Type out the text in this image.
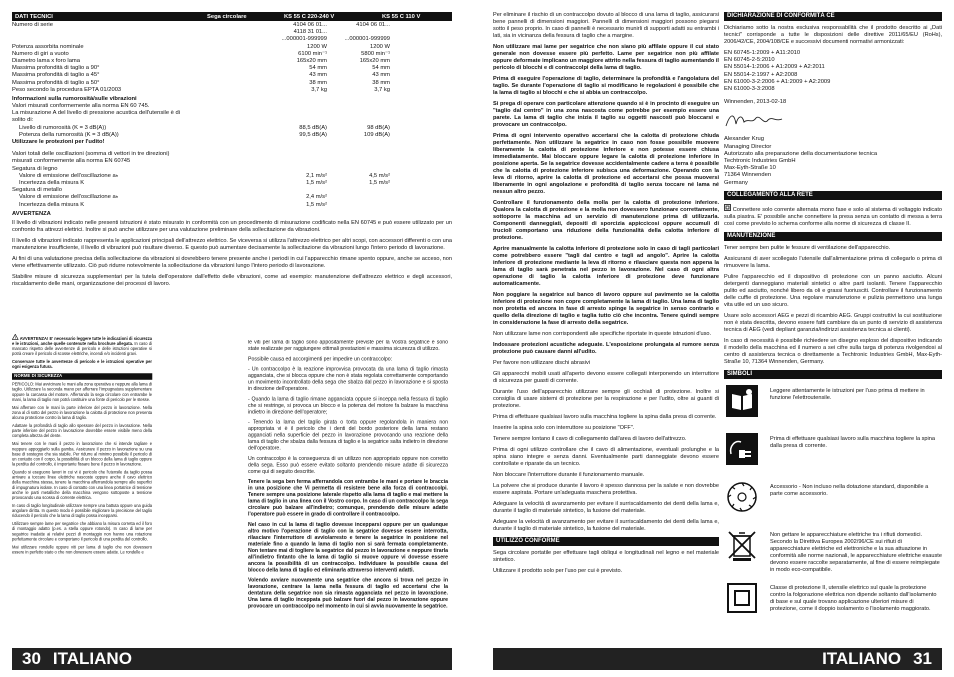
DATI TECNICI	Sega circolare	KS 55 C 220-240 V	KS 55 C 110 V
Numero di serie	4104 06 01...	4104 06 01...
4118 31 01...
...000001-999999	...000001-999999
Potenza assorbita nominale	1200 W	1200 W
Numero di giri a vuoto	6100 min⁻¹	5800 min⁻¹
Diametro lama x foro lama	165x20 mm	165x20 mm
Massima profondità di taglio a 90°	54 mm	54 mm
Massima profondità di taglio a 45°	43 mm	43 mm
Massima profondità di taglio a 50°	38 mm	38 mm
Peso secondo la procedura EPTA 01/2003	3,7 kg	3,7 kg
Informazioni sulla rumorosità/sulle vibrazioni
Valori misurati conformemente alla norma EN 60 745.
La misurazione A del livello di pressione acustica dell'utensile è di
solito di:
Livello di rumorosità (K = 3 dB(A))	88,5 dB(A)	98 dB(A)
Potenza della rumorosità (K = 3 dB(A))	99,5 dB(A)	109 dB(A)
Utilizzare le protezioni per l'udito!
Valori totali delle oscillazioni (somma di vettori in tre direzioni)
misurati conformemente alla norma EN 60745
Segatura di legno
Valore di emissione dell'oscillazione aₕ	2,1 m/s²	4,5 m/s²
Incertezza della misura K	1,5 m/s²	1,5 m/s²
Segatura di metallo
Valore di emissione dell'oscillazione aₕ	2,4 m/s²
Incertezza della misura K	1,5 m/s²
AVVERTENZA
Il livello di vibrazioni indicato nelle presenti istruzioni è stato misurato in conformità con un procedimento di misurazione codificato nella EN 60745 e può essere utilizzato per un confronto fra attrezzi elettrici. Inoltre si può anche utilizzare per una valutazione preliminare della sollecitazione da vibrazioni.
Il livello di vibrazioni indicato rappresenta le applicazioni principali dell'attrezzo elettrico. Se viceversa si utilizza l'attrezzo elettrico per altri scopi, con accessori differenti o con una manutenzione insufficiente, il livello di vibrazioni può risultare diverso. E questo può aumentare decisamente la sollecitazione da vibrazioni lungo l'intero periodo di lavorazione.
Ai fini di una valutazione precisa della sollecitazione da vibrazioni si dovrebbero tenere presente anche i periodi in cui l'apparecchio rimane spento oppure, anche se acceso, non viene effettivamente utilizzato. Ciò può ridurre notevolmente la sollecitazione da vibrazioni lungo l'intero periodo di lavorazione.
Stabilire misure di sicurezza supplementari per la tutela dell'operatore dall'effetto delle vibrazioni, come ad esempio: manutenzione dell'attrezzo elettrico e degli accessori, riscaldamento delle mani, organizzazione dei processi di lavoro.
! AVVERTENZA! E' necessario leggere tutte le indicazioni di sicurezza e le istruzioni, anche quelle contenute nella brochure allegata. In caso di mancato rispetto delle avvertenze di pericolo e delle istruzioni operative si potrà creare il pericolo di scosse elettriche, incendi e/o incidenti gravi.
Conservare tutte le avvertenze di pericolo e le istruzioni operative per ogni esigenza futura.
NORME DI SICUREZZA
PERICOLO: Mai avvicinare le mani alla zona operativa e neppure alla lama di taglio. Utilizzare la seconda mano per afferrare l'impugnatura supplementare oppure la carcassa del motore. Afferrando la sega circolare con entrambe le mani, la lama di taglio non potrà costituire una fonte di pericolo per le stesse.
Mai afferrare con le mani la parte inferiore del pezzo in lavorazione. Nella zona al di sotto del pezzo in lavorazione la calotta di protezione non presenta alcuna protezione contro la lama di taglio.
Adattare la profondità di taglio allo spessore del pezzo in lavorazione. Nella parte inferiore del pezzo in lavorazione dovrebbe essere visibile meno della completa altezza del dente.
Mai tenere con le mani il pezzo in lavorazione che si intende tagliare e neppure appoggiarlo sulla gamba. Assicurare il pezzo in lavorazione su una base di sostegno che sia stabile. Per ridurre al minimo possibile il pericolo di un contatto con il corpo, la possibilità di un blocco della lama di taglio oppure la perdita del controllo, è importante fissare bene il pezzo in lavorazione.
Quando si eseguono lavori in cui vi è pericolo che l'utensile da taglio possa arrivare a toccare linee elettriche nascoste oppure anche il cavo elettrico della macchina stessa, tenere la macchina afferrandola sempre alle superfici di impugnatura isolate. In caso di contatto con una linea portatrice di tensione anche le parti metalliche della macchina vengono sottoposte a tensione provocando una scossa di corrente elettrica.
In caso di taglio longitudinale utilizzare sempre una battuta oppure una guida angolare diritta. In questo modo è possibile migliorare la precisione del taglio riducendo il pericolo che la lama di taglio possa incepparsi.
Utilizzare sempre lame per segatrice che abbiano la misura corretta ed il foro di montaggio adatto (p.es. a stella oppure rotondo). In caso di lame per segatrice inadatte ai relativi pezzi di montaggio non hanno una rotazione perfettamente circolare e comportano il pericolo di una perdita del controllo.
Mai utilizzare rondelle oppure viti per lama di taglio che non dovessero essere in perfetto stato o che non dovessero essere adatte. Le rondelle e
le viti per lama di taglio sono appositamente previste per la Vostra segatrice e sono state realizzate per raggiungere ottimali prestazioni e massima sicurezza di utilizzo.
Possibile causa ed accorgimenti per impedire un contraccolpo:
- Un contraccolpo è la reazione improvvisa provocata da una lama di taglio rimasta agganciata, che si blocca oppure che non è stata regolata correttamente comportando un movimento incontrollato della sega che sbalza dal pezzo in lavorazione e si sposta in direzione dell'operatore.
- Quando la lama di taglio rimane agganciata oppure si inceppa nella fessura di taglio che si restringe, si provoca un blocco e la potenza del motore fa balzare la macchina indietro in direzione dell'operatore;
- Tenendo la lama del taglio girata o torta oppure regolandola in maniera non appropriata vi è il pericolo che i denti del bordo posteriore della lama restano agganciati nella superficie del pezzo in lavorazione provocando una reazione della lama di taglio che sbalza dalla fessura di taglio e la segatrice salta indietro in direzione dell'operatore.
Un contraccolpo è la conseguenza di un utilizzo non appropriato oppure non corretto della sega. Esso può essere evitato soltanto prendendo misure adatte di sicurezza come qui di seguito descritte.
Tenere la sega ben ferma afferrandola con entrambe le mani e portare le braccia in una posizione che Vi permetta di resistere bene alla forza di contraccolpi. Tenere sempre una posizione laterale rispetto alla lama di taglio e mai mettere la lama di taglio in una linea con il Vostro corpo. In caso di un contraccolpo la sega circolare può balzare all'indietro; comunque, prendendo delle misure adatte l'operatore può essere in grado di controllare il contraccolpo.
Nel caso in cui la lama di taglio dovesse incepparsi oppure per un qualunque altro motivo l'operazione di taglio con la segatrice dovesse essere interrotta, rilasciare l'interruttore di avvio/arresto e tenere la segatrice in posizione nel materiale fino a quando la lama di taglio non si sarà fermata completamente. Non tentare mai di togliere la segatrice dal pezzo in lavorazione e neppure tirarla all'indietro fintanto che la lama di taglio si muove oppure vi dovesse essere ancora la possibilità di un contraccolpo. Individuare la possibile causa del blocco della lama di taglio ed eliminarla attraverso interventi adatti.
Volendo avviare nuovamente una segatrice che ancora si trova nel pezzo in lavorazione, centrare la lama nella fessura di taglio ed accertarsi che la dentatura della segatrice non sia rimasta agganciata nel pezzo in lavorazione. Una lama di taglio inceppata può balzare fuori dal pezzo in lavorazione oppure provocare un contraccolpo nel momento in cui si avvia nuovamente la segatrice.
Per eliminare il rischio di un contraccolpo dovuto al blocco di una lama di taglio, assicurarsi bene pannelli di dimensioni maggiori. Pannelli di dimensioni maggiori possono piegarsi sotto il peso proprio. In caso di pannelli è necessario munirli di supporti adatti su entrambi i lati, sia in vicinanza della fessura di taglio che a margine.
Non utilizzare mai lame per segatrice che non siano più affilate oppure il cui stato generale non dovesse essere più perfetto. Lame per segatrice non più affilate oppure deformate implicano un maggiore attrito nella fessura di taglio aumentando il pericolo di blocchi e di contraccolpi della lama di taglio.
Prima di eseguire l'operazione di taglio, determinare la profondità e l'angolatura del taglio. Se durante l'operazione di taglio si modificano le regolazioni è possibile che la lama di taglio si blocchi e che si abbia un contraccolpo.
Si prega di operare con particolare attenzione quando si è in procinto di eseguire un "taglio dal centro" in una zona nascosta come potrebbe per esempio essere una parete. La lama di taglio che inizia il taglio su oggetti nascosti può bloccarsi e provocare un contraccolpo.
Prima di ogni intervento operativo accertarsi che la calotta di protezione chiuda perfettamente. Non utilizzare la segatrice in caso non fosse possibile muovere liberamente la calotta di protezione inferiore e non potesse essere chiusa immediatamente. Mai bloccare oppure legare la calotta di protezione inferiore in posizione aperta. Se la segatrice dovesse accidentalmente cadere a terra è possibile che la calotta di protezione inferiore subisca una deformazione. Operando con la leva di ritorno, aprire la calotta di protezione ed accertarsi che possa muoversi liberamente in ogni angolazione e profondità di taglio senza toccare né lama né nessun altro pezzo.
Controllare il funzionamento della molla per la calotta di protezione inferiore. Qualora la calotta di protezione e la molla non dovessero funzionare correttamente, sottoporre la macchina ad un servizio di manutenzione prima di utilizzarla. Componenti danneggiati, depositi di sporcizia appiccicosi oppure accumuli di trucioli comportano una riduzione della funzionalità della calotta inferiore di protezione.
Aprire manualmente la calotta inferiore di protezione solo in caso di tagli particolari come potrebbero essere "tagli dal centro e tagli ad angolo". Aprire la calotta inferiore di protezione mediante la leva di ritorno e rilasciare questa non appena la lama di taglio sarà penetrata nel pezzo in lavorazione. Nel caso di ogni altra operazione di taglio la calotta inferiore di protezione deve funzionare automaticamente.
Non poggiare la segatrice sul banco di lavoro oppure sul pavimento se la calotta inferiore di protezione non copre completamente la lama di taglio. Una lama di taglio non protetta ed ancora in fase di arresto spinge la segatrice in senso contrario e quello della direzione di taglio e taglia tutto ciò che incontra. Tenere quindi sempre in considerazione la fase di arresto della segatrice.
Non utilizzare lame non corrispondenti alle specifiche riportate in queste istruzioni d'uso.
Indossare protezioni acustiche adeguate. L'esposizione prolungata al rumore senza protezione può causare danni all'udito.
Per favore non utilizzare dischi abrasivi
Gli apparecchi mobili usati all'aperto devono essere collegati interponendo un interruttore di sicurezza per guasti di corrente.
Durante l'uso dell'apparecchio utilizzare sempre gli occhiali di protezione. Inoltre si consiglia di usare sistemi di protezione per la respirazione e per l'udito, oltre ai guanti di protezione.
Prima di effettuare qualsiasi lavoro sulla macchina togliere la spina dalla presa di corrente.
Inserire la spina solo con interruttore su posizione "OFF".
Tenere sempre lontano il cavo di collegamento dall'area di lavoro dell'attrezzo.
Prima di ogni utilizzo controllare che il cavo di alimentazione, eventuali prolunghe e la spina siano integre e senza danni. Eventualmente parti danneggiate devono essere controllate e riparate da un tecnico.
Non bloccare l'interruttore durante il funzionamento manuale.
La polvere che si produce durante il lavoro è spesso dannosa per la salute e non dovrebbe essere aspirata. Portare un'adeguata maschera protettiva.
Adeguare la velocità di avanzamento per evitare il surriscaldamento dei denti della lama e, durante il taglio di materiale sintetico, la fusione del materiale.
Adeguare la velocità di avanzamento per evitare il surriscaldamento dei denti della lama e, durante il taglio di materiale sintetico, la fusione del materiale.
UTILIZZO CONFORME
Sega circolare portatile per effettuare tagli obliqui e longitudinali nel legno e nel materiale sintetico.
Utilizzare il prodotto solo per l'uso per cui è previsto.
DICHIARAZIONE DI CONFORMITÀ CE
Dichiariamo sotto la nostra esclusiva responsabilità che il prodotto descritto ai „Dati tecnici" corrisponde a tutte le disposizioni delle direttive 2011/65/EU (RoHs), 2006/42/CE, 2004/108/CE e successivi documenti normativi armonizzati:
EN 60745-1:2009 + A11:2010
EN 60745-2-5:2010
EN 55014-1:2006 + A1:2009 + A2:2011
EN 55014-2:1997 + A2:2008
EN 61000-3-2:2006 + A1:2009 + A2:2009
EN 61000-3-3:2008
Winnenden, 2013-02-18
Alexander Krug
Managing Director
Autorizzato alla preparazione della documentazione tecnica
Techtronic Industries GmbH
Max-Eyth-Straße 10
71364 Winnenden
Germany
COLLEGAMENTO ALLA RETE
Connettere solo corrente alternata mono fase e solo al sistema di voltaggio indicato sulla piastra. E' possibile anche connettere la presa senza un contatto di messa a terra così come previsto lo schema conforme alla norme di sicurezza di classe II.
MANUTENZIONE
Tener sempre ben pulite le fessure di ventilazione dell'apparecchio.
Assicurarsi di aver scollegato l'utensile dall'alimentazione prima di collegarlo o prima di rimuovere la lama.
Pulire l'apparecchio ed il dispositivo di protezione con un panno asciutto. Alcuni detergenti danneggiano materiali sintetici o altre parti isolanti. Tenere l'apparecchio pulito ed asciutto, nonché libero da oli e grassi fuoriusciti. Controllare il funzionamento delle cuffie di protezione. Una regolare manutenzione e pulizia permettono una lunga vita utile ed un uso sicuro.
Usare solo accessori AEG e pezzi di ricambio AEG. Gruppi costruttivi la cui sostituzione non è stata descritta, devono essere fatti cambiare da un punto di servizio di assistenza tecnica di AEG (vedi depliant garanzia/indirizzi assistenza tecnica ai clienti).
In caso di necessità è possibile richiedere un disegno esploso del dispositivo indicando il modello della macchina ed il numero a sei cifre sulla targa di potenza rivolgendosi al centro di assistenza tecnica o direttamente a Techtronic Industries GmbH, Max-Eyth-Straße 10, 71364 Winnenden, Germany.
SIMBOLI
Leggere attentamente le istruzioni per l'uso prima di mettere in funzione l'elettroutensile.
Prima di effettuare qualsiasi lavoro sulla macchina togliere la spina dalla presa di corrente.
Accessorio - Non incluso nella dotazione standard, disponibile a parte come accessorio.
Non gettare le apparecchiature elettriche tra i rifiuti domestici. Secondo la Direttiva Europea 2002/96/CE sui rifiuti di apparecchiature elettriche ed elettroniche e la sua attuazione in conformità alle norme nazionali, le apparecchiature elettriche esauste devono essere raccolte separatamente, al fine di essere reimpiegate in modo eco-compatibile.
Classe di protezione II, utensile elettrico sul quale la protezione contro la folgorazione elettrica non dipende soltanto dall'isolamento di base e sul quale trovano applicazione ulteriori misure di protezione, come il doppio isolamento o l'isolamento maggiorato.
30 ITALIANO	ITALIANO 31
